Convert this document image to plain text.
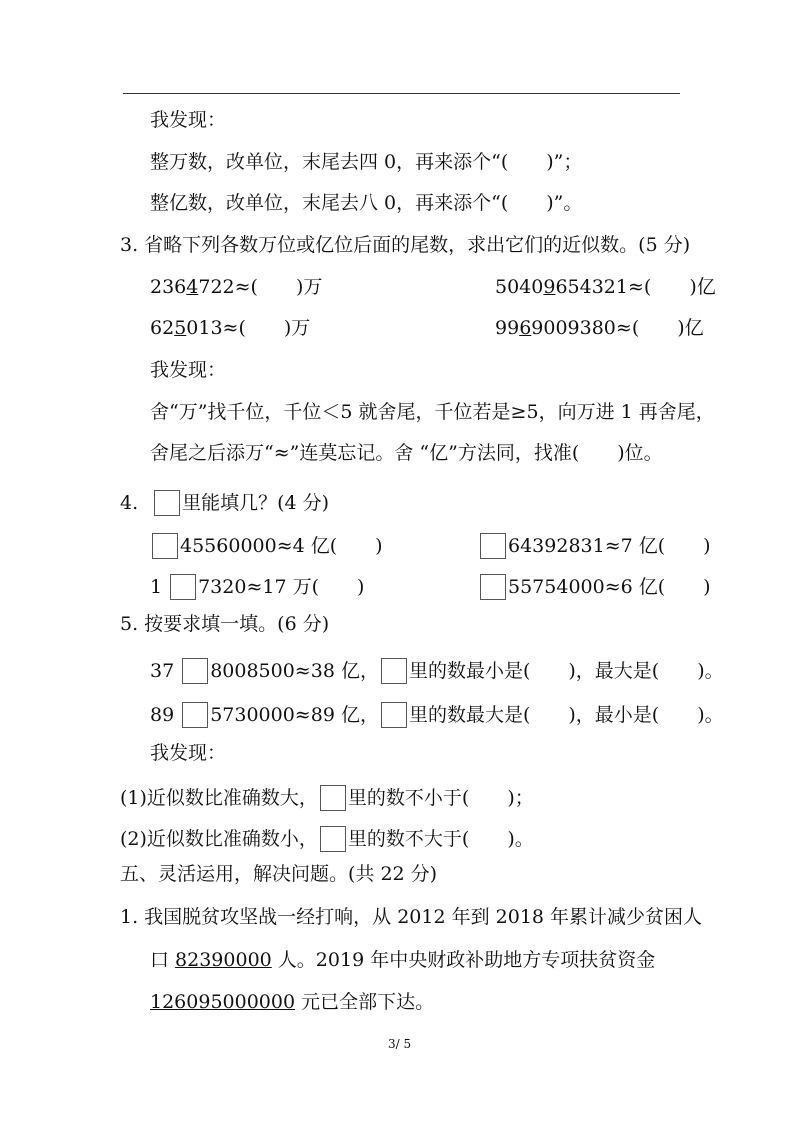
我发现：
整万数，改单位，末尾去四 0，再来添个“(　　)”；
整亿数，改单位，末尾去八 0，再来添个“(　　)”。
3. 省略下列各数万位或亿位后面的尾数，求出它们的近似数。(5 分)
2364722≈(　　)万	50409654321≈(　　)亿
625013≈(　　)万	9969009380≈(　　)亿
我发现：
舍“万”找千位，千位＜5 就舍尾，千位若是≥5，向万进 1 再舍尾，
舍尾之后添万“≈”连莫忘记。舍 “亿”方法同，找准(　　)位。
4. 里能填几？(4 分)
45560000≈4 亿(　　)	64392831≈7 亿(　　)
1 7320≈17 万(　　)	55754000≈6 亿(　　)
5. 按要求填一填。(6 分)
37 8008500≈38 亿， 里的数最小是(　　)，最大是(　　)。
89 5730000≈89 亿， 里的数最大是(　　)，最小是(　　)。
我发现：
(1)近似数比准确数大， 里的数不小于(　　)；
(2)近似数比准确数小， 里的数不大于(　　)。
五、灵活运用，解决问题。(共 22 分)
1. 我国脱贫攻坚战一经打响，从 2012 年到 2018 年累计减少贫困人
口 82390000 人。2019 年中央财政补助地方专项扶贫资金
126095000000 元已全部下达。
3/ 5
